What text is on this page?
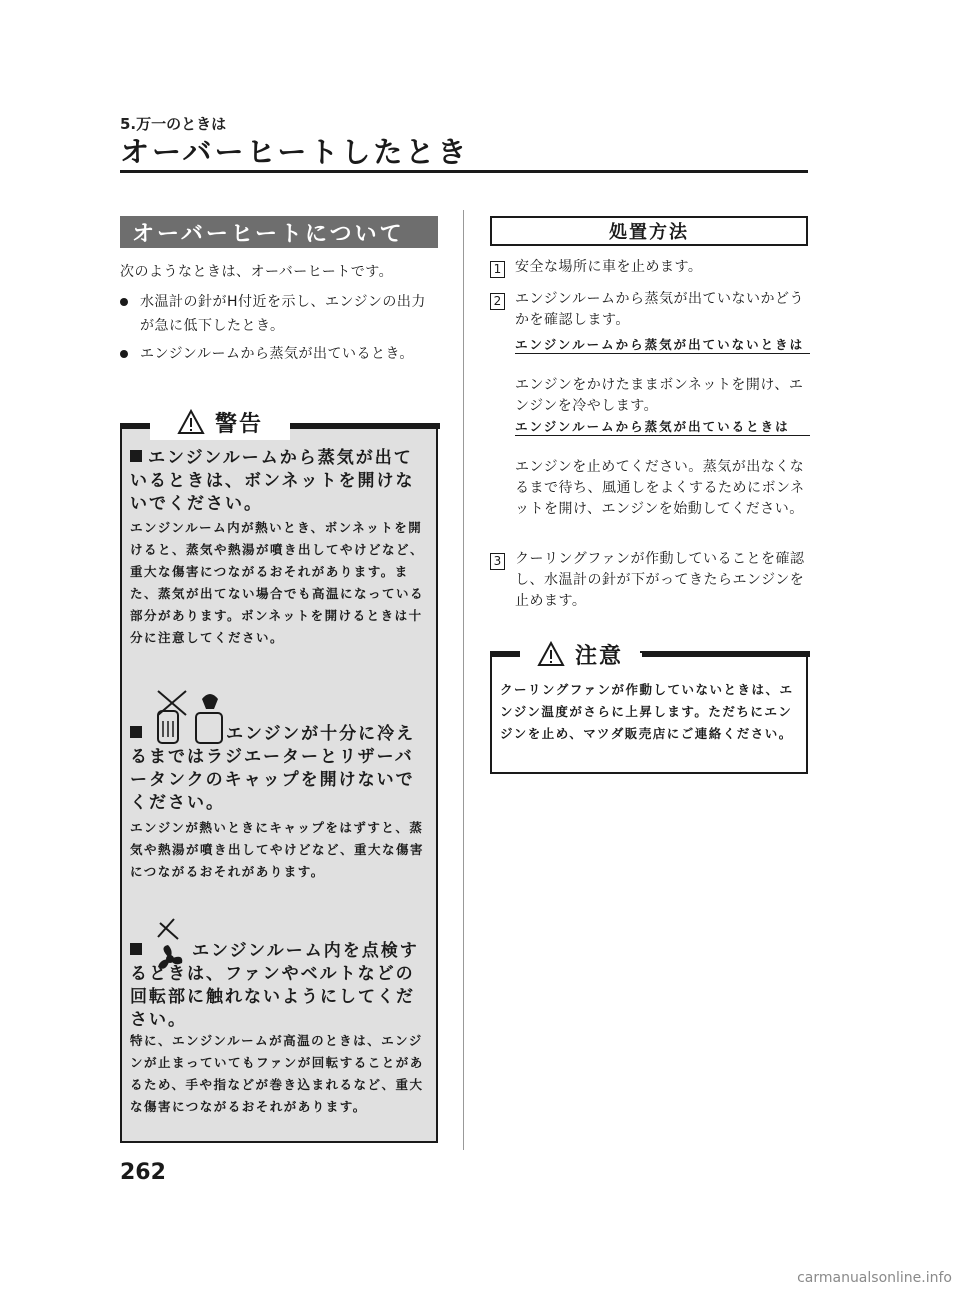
5.万一のときは
オーバーヒートしたとき
オーバーヒートについて
次のようなときは、オーバーヒートです。
水温計の針がH付近を示し、エンジンの出力が急に低下したとき。
エンジンルームから蒸気が出ているとき。
エンジンルームから蒸気が出ているときは、ボンネットを開けないでください。
エンジンルーム内が熱いとき、ボンネットを開けると、蒸気や熱湯が噴き出してやけどなど、重大な傷害につながるおそれがあります。また、蒸気が出てない場合でも高温になっている部分があります。ボンネットを開けるときは十分に注意してください。
エンジンが十分に冷えるまではラジエーターとリザーバータンクのキャップを開けないでください。
エンジンが熱いときにキャップをはずすと、蒸気や熱湯が噴き出してやけどなど、重大な傷害につながるおそれがあります。
エンジンルーム内を点検するときは、ファンやベルトなどの回転部に触れないようにしてください。
特に、エンジンルームが高温のときは、エンジンが止まっていてもファンが回転することがあるため、手や指などが巻き込まれるなど、重大な傷害につながるおそれがあります。
警告
処置方法
1 安全な場所に車を止めます。
2 エンジンルームから蒸気が出ていないかどうかを確認します。
エンジンルームから蒸気が出ていないときは
エンジンをかけたままボンネットを開け、エンジンを冷やします。
エンジンルームから蒸気が出ているときは
エンジンを止めてください。蒸気が出なくなるまで待ち、風通しをよくするためにボンネットを開け、エンジンを始動してください。
3 クーリングファンが作動していることを確認し、水温計の針が下がってきたらエンジンを止めます。
クーリングファンが作動していないときは、エンジン温度がさらに上昇します。ただちにエンジンを止め、マツダ販売店にご連絡ください。
注意
262
carmanualsonline.info
